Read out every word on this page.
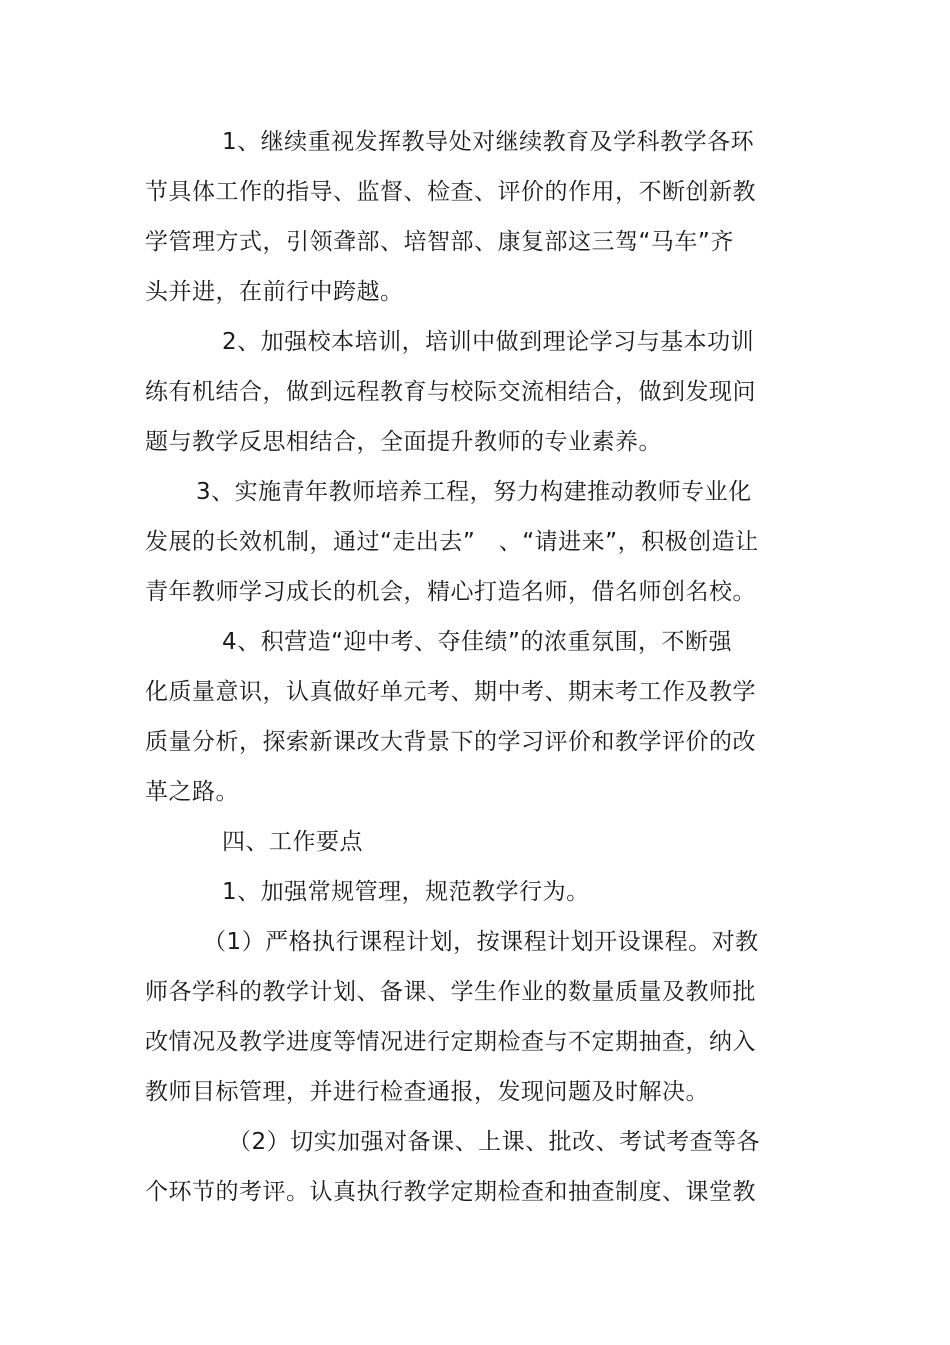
1、继续重视发挥教导处对继续教育及学科教学各环
节具体工作的指导、监督、检查、评价的作用，不断创新教
学管理方式，引领聋部、培智部、康复部这三驾“马车”齐
头并进，在前行中跨越。
2、加强校本培训，培训中做到理论学习与基本功训
练有机结合，做到远程教育与校际交流相结合，做到发现问
题与教学反思相结合，全面提升教师的专业素养。
3、实施青年教师培养工程，努力构建推动教师专业化
发展的长效机制，通过“走出去”   、“请进来”，积极创造让
青年教师学习成长的机会，精心打造名师，借名师创名校。
4、积营造“迎中考、夺佳绩”的浓重氛围，不断强
化质量意识，认真做好单元考、期中考、期末考工作及教学
质量分析，探索新课改大背景下的学习评价和教学评价的改
革之路。
四、工作要点
1、加强常规管理，规范教学行为。
（1）严格执行课程计划，按课程计划开设课程。对教
师各学科的教学计划、备课、学生作业的数量质量及教师批
改情况及教学进度等情况进行定期检查与不定期抽查，纳入
教师目标管理，并进行检查通报，发现问题及时解决。
（2）切实加强对备课、上课、批改、考试考查等各
个环节的考评。认真执行教学定期检查和抽查制度、课堂教
